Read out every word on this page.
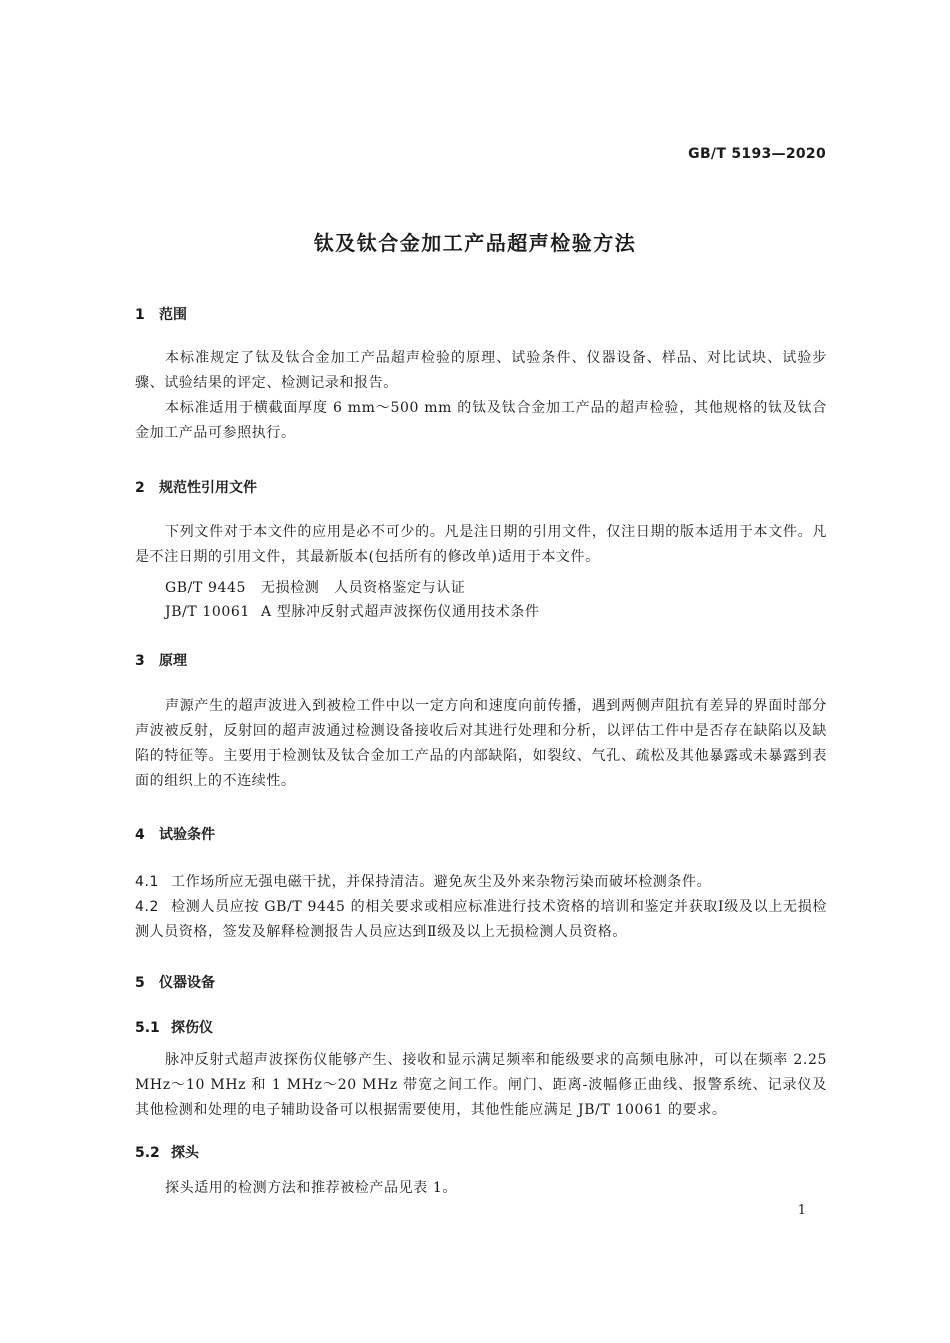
GB/T 5193—2020
钛及钛合金加工产品超声检验方法
1 范围
本标准规定了钛及钛合金加工产品超声检验的原理、试验条件、仪器设备、样品、对比试块、试验步骤、试验结果的评定、检测记录和报告。
本标准适用于横截面厚度 6 mm～500 mm 的钛及钛合金加工产品的超声检验，其他规格的钛及钛合金加工产品可参照执行。
2 规范性引用文件
下列文件对于本文件的应用是必不可少的。凡是注日期的引用文件，仅注日期的版本适用于本文件。凡是不注日期的引用文件，其最新版本(包括所有的修改单)适用于本文件。
GB/T 9445 无损检测　人员资格鉴定与认证
JB/T 10061 A 型脉冲反射式超声波探伤仪通用技术条件
3 原理
声源产生的超声波进入到被检工件中以一定方向和速度向前传播，遇到两侧声阻抗有差异的界面时部分声波被反射，反射回的超声波通过检测设备接收后对其进行处理和分析，以评估工件中是否存在缺陷以及缺陷的特征等。主要用于检测钛及钛合金加工产品的内部缺陷，如裂纹、气孔、疏松及其他暴露或未暴露到表面的组织上的不连续性。
4 试验条件
4.1 工作场所应无强电磁干扰，并保持清洁。避免灰尘及外来杂物污染而破坏检测条件。
4.2 检测人员应按 GB/T 9445 的相关要求或相应标准进行技术资格的培训和鉴定并获取Ⅰ级及以上无损检测人员资格，签发及解释检测报告人员应达到Ⅱ级及以上无损检测人员资格。
5 仪器设备
5.1 探伤仪
脉冲反射式超声波探伤仪能够产生、接收和显示满足频率和能级要求的高频电脉冲，可以在频率 2.25 MHz～10 MHz 和 1 MHz～20 MHz 带宽之间工作。闸门、距离-波幅修正曲线、报警系统、记录仪及其他检测和处理的电子辅助设备可以根据需要使用，其他性能应满足 JB/T 10061 的要求。
5.2 探头
探头适用的检测方法和推荐被检产品见表 1。
1
